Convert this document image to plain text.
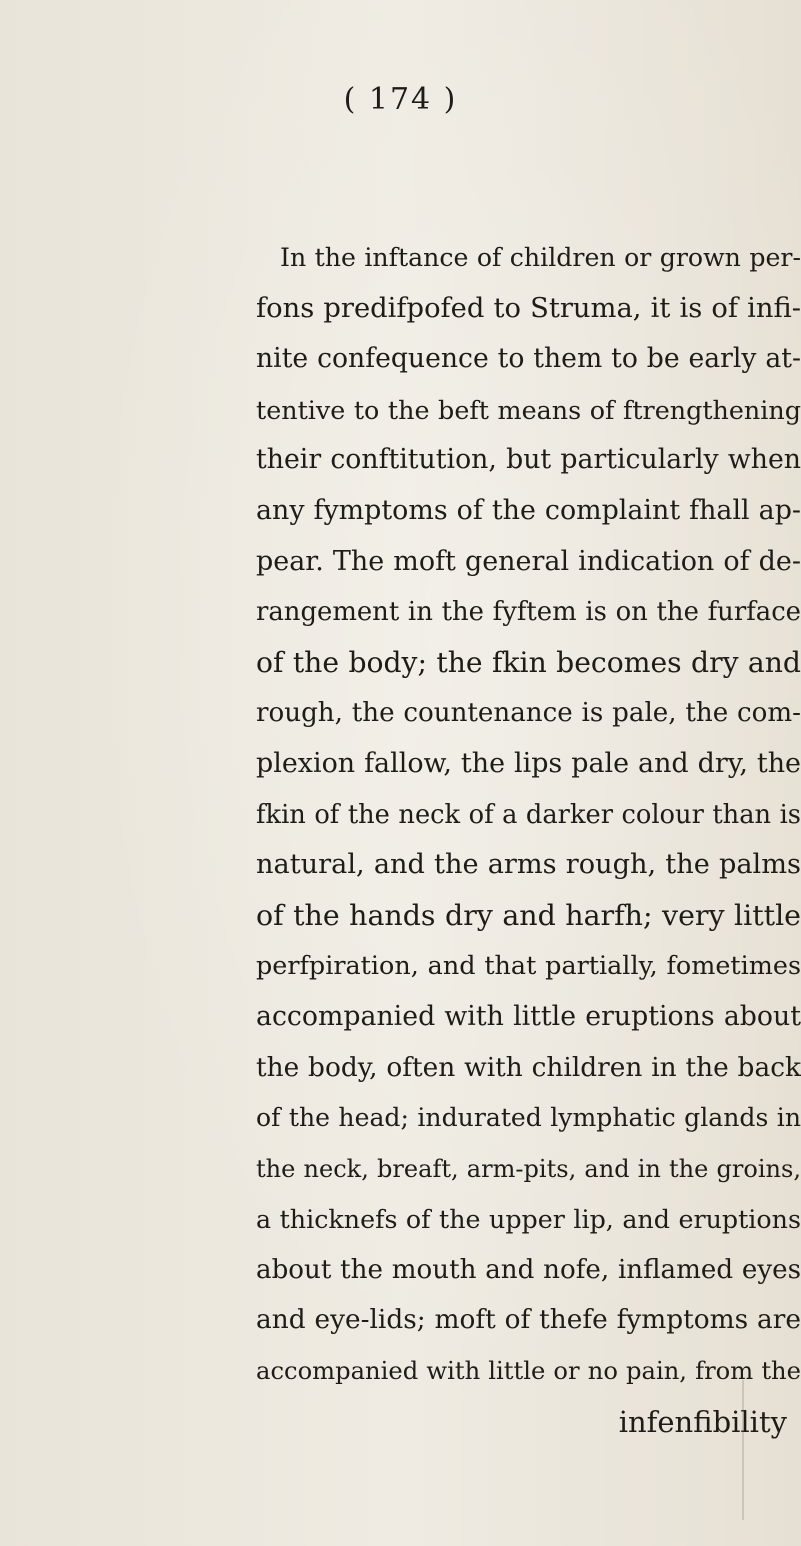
( 174 )
In the inftance of children or grown per-
fons predifpofed to Struma, it is of infi-
nite confequence to them to be early at-
tentive to the beft means of ftrengthening
their conftitution, but particularly when
any fymptoms of the complaint fhall ap-
pear. The moft general indication of de-
rangement in the fyftem is on the furface
of the body; the fkin becomes dry and
rough, the countenance is pale, the com-
plexion fallow, the lips pale and dry, the
fkin of the neck of a darker colour than is
natural, and the arms rough, the palms
of the hands dry and harfh; very little
perfpiration, and that partially, fometimes
accompanied with little eruptions about
the body, often with children in the back
of the head; indurated lymphatic glands in
the neck, breaft, arm-pits, and in the groins,
a thicknefs of the upper lip, and eruptions
about the mouth and nofe, inflamed eyes
and eye-lids; moft of thefe fymptoms are
accompanied with little or no pain, from the
infenfibility
